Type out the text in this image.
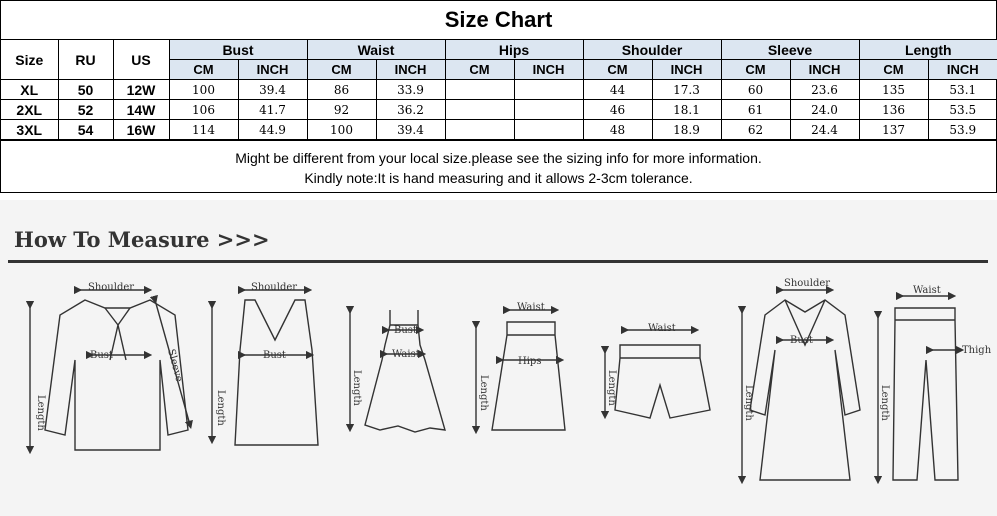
Size Chart
Size	RU	US	Bust		Waist		Hips		Shoulder		Sleeve		Length	
			CM	INCH	CM	INCH	CM	INCH	CM	INCH	CM	INCH	CM	INCH
XL	50	12W	100	39.4	86	33.9			44	17.3	60	23.6	135	53.1
2XL	52	14W	106	41.7	92	36.2			46	18.1	61	24.0	136	53.5
3XL	54	16W	114	44.9	100	39.4			48	18.9	62	24.4	137	53.9
Might be different from your local size.please see the sizing info for more information.
Kindly note:It is hand measuring and it allows 2-3cm tolerance.
How To Measure >>>
Shoulder
Bust	Sleeve
Length
Shoulder
Bust
Length
Bust
Waist
Length
Waist
Hips
Length
Waist
Length
Shoulder
Bust
Length
Waist
Thigh
Length
